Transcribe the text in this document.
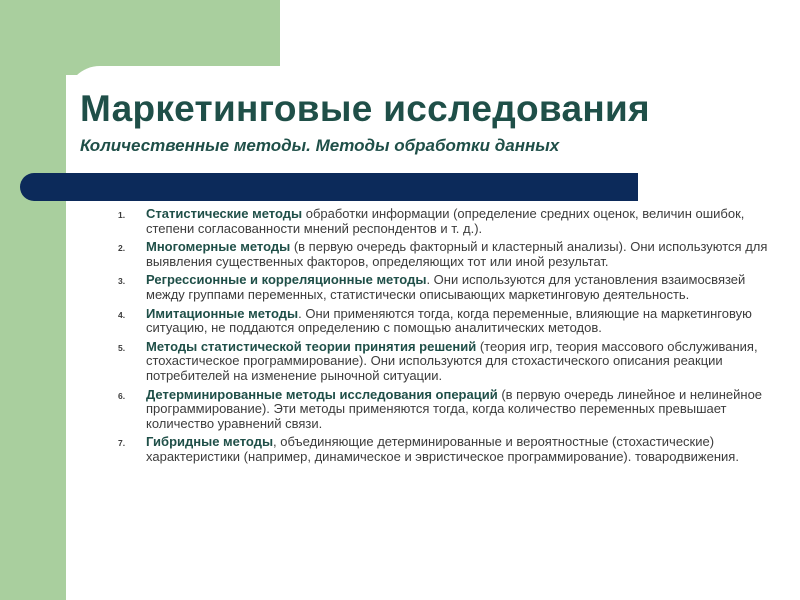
Маркетинговые исследования
Количественные методы. Методы обработки данных
1. Статистические методы обработки информации (определение средних оценок, величин ошибок, степени согласованности мнений респондентов и т. д.).
2. Многомерные методы (в первую очередь факторный и кластерный анализы). Они используются для выявления существенных факторов, определяющих тот или иной результат.
3. Регрессионные и корреляционные методы. Они используются для установления взаимосвязей между группами переменных, статистически описывающих маркетинговую деятельность.
4. Имитационные методы. Они применяются тогда, когда переменные, влияющие на маркетинговую ситуацию, не поддаются определению с помощью аналитических методов.
5. Методы статистической теории принятия решений (теория игр, теория массового обслуживания, стохастическое программирование). Они используются для стохастического описания реакции потребителей на изменение рыночной ситуации.
6. Детерминированные методы исследования операций (в первую очередь линейное и нелинейное программирование). Эти методы применяются тогда, когда количество переменных превышает количество уравнений связи.
7. Гибридные методы, объединяющие детерминированные и вероятностные (стохастические) характеристики (например, динамическое и эвристическое программирование). товародвижения.
